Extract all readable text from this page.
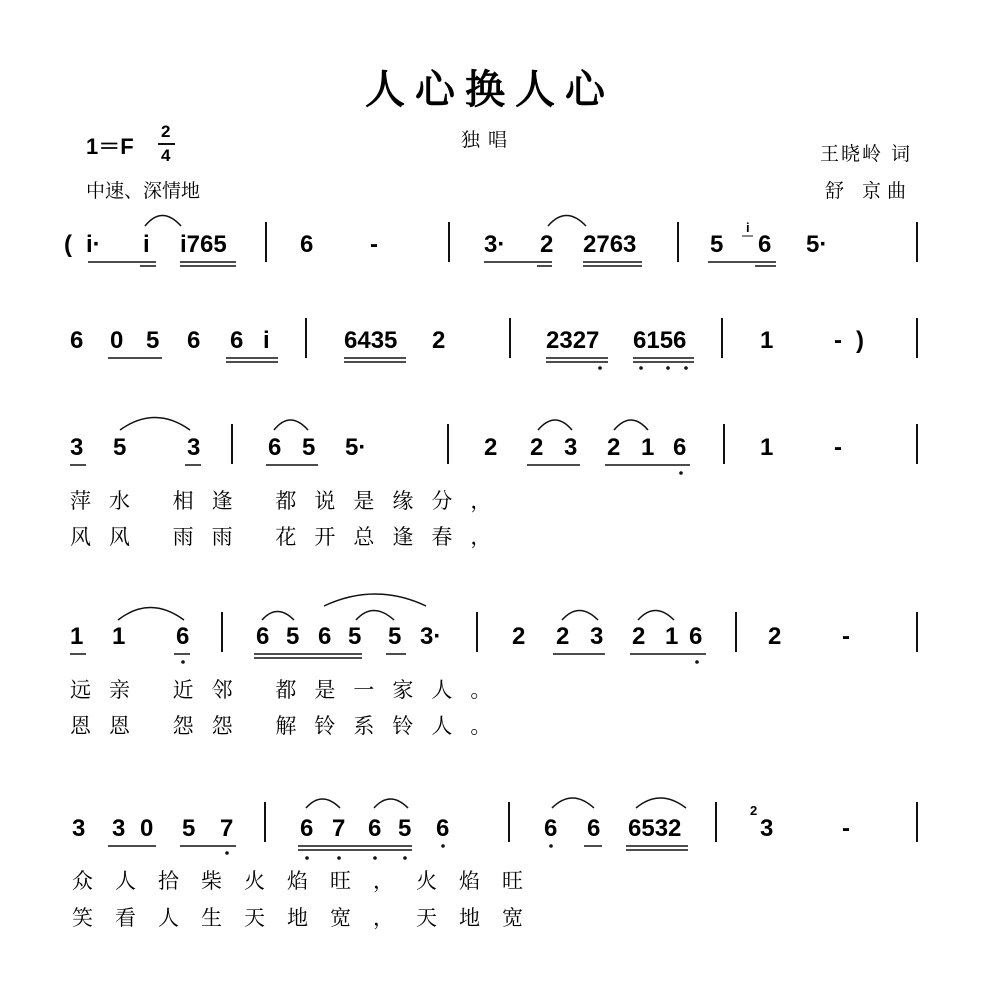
人心换人心
独唱
1＝F
2
4
中速、深情地
王晓岭 词
舒 京曲
( i· i i765	6 -	3· 2 2763	5 6 5·
i
6 0 5 6 6 i	6435 2	2327 6156	1	- )
3 5	3	6 5 5·	2 2 3 2 1 6	1	-
萍水 相逢 都说是缘分，
风风 雨雨 花开总逢春，
1 1 6	6 5 6 5 5 3·	2 2 3 2 1 6	2	-
远亲 近邻 都是一家人。
恩恩 怨怨 解铃系铃人。
3 3 0 5 7	6 7 6 5 6	6 6 6532	3	-
2
众人拾柴火焰旺，火焰旺
笑看人生天地宽，天地宽
